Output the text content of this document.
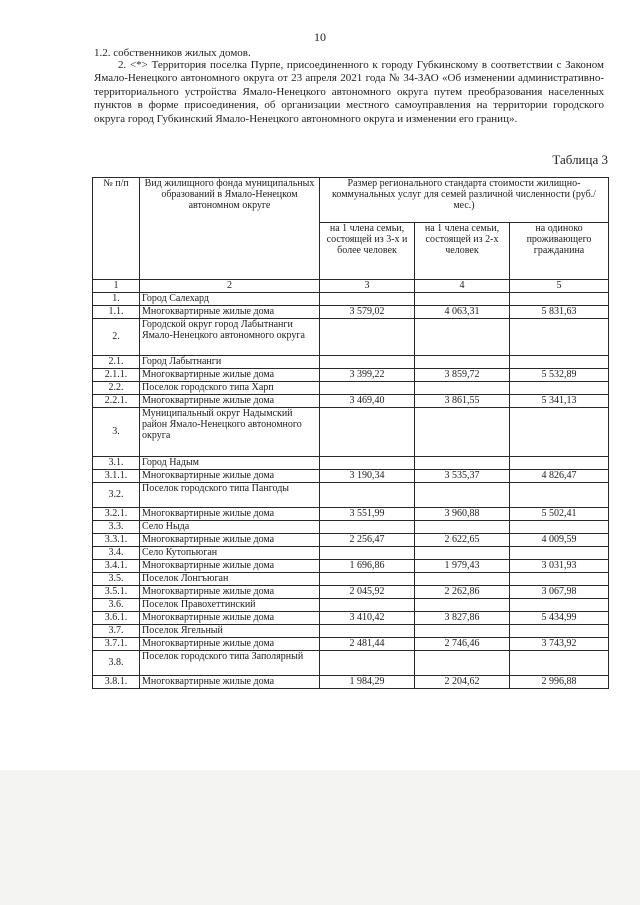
10
1.2. собственников жилых домов.
2. <*> Территория поселка Пурпе, присоединенного к городу Губкинскому в соответствии с Законом Ямало-Ненецкого автономного округа от 23 апреля 2021 года № 34-ЗАО «Об изменении административно-территориального устройства Ямало-Ненецкого автономного округа путем преобразования населенных пунктов в форме присоединения, об организации местного самоуправления на территории городского округа город Губкинский Ямало-Ненецкого автономного округа и изменении его границ».
Таблица 3
№ п/п	Вид жилищного фонда муниципальных образований в Ямало-Ненецком автономном округе	Размер регионального стандарта стоимости жилищно-коммунальных услуг для семей различной численности (руб./мес.)		
		на 1 члена семьи, состоящей из 3-х и более человек	на 1 члена семьи, состоящей из 2-х человек	на одиноко проживающего гражданина
1	2	3	4	5
1.	Город Салехард			
1.1.	Многоквартирные жилые дома	3 579,02	4 063,31	5 831,63
2.	Городской округ город Лабытнанги Ямало-Ненецкого автономного округа			
2.1.	Город Лабытнанги			
2.1.1.	Многоквартирные жилые дома	3 399,22	3 859,72	5 532,89
2.2.	Поселок городского типа Харп			
2.2.1.	Многоквартирные жилые дома	3 469,40	3 861,55	5 341,13
3.	Муниципальный округ Надымский район Ямало-Ненецкого автономного округа			
3.1.	Город Надым			
3.1.1.	Многоквартирные жилые дома	3 190,34	3 535,37	4 826,47
3.2.	Поселок городского типа Пангоды			
3.2.1.	Многоквартирные жилые дома	3 551,99	3 960,88	5 502,41
3.3.	Село Ныда			
3.3.1.	Многоквартирные жилые дома	2 256,47	2 622,65	4 009,59
3.4.	Село Кутопьюган			
3.4.1.	Многоквартирные жилые дома	1 696,86	1 979,43	3 031,93
3.5.	Поселок Лонгъюган			
3.5.1.	Многоквартирные жилые дома	2 045,92	2 262,86	3 067,98
3.6.	Поселок Правохеттинский			
3.6.1.	Многоквартирные жилые дома	3 410,42	3 827,86	5 434,99
3.7.	Поселок Ягельный			
3.7.1.	Многоквартирные жилые дома	2 481,44	2 746,46	3 743,92
3.8.	Поселок городского типа Заполярный			
3.8.1.	Многоквартирные жилые дома	1 984,29	2 204,62	2 996,88
